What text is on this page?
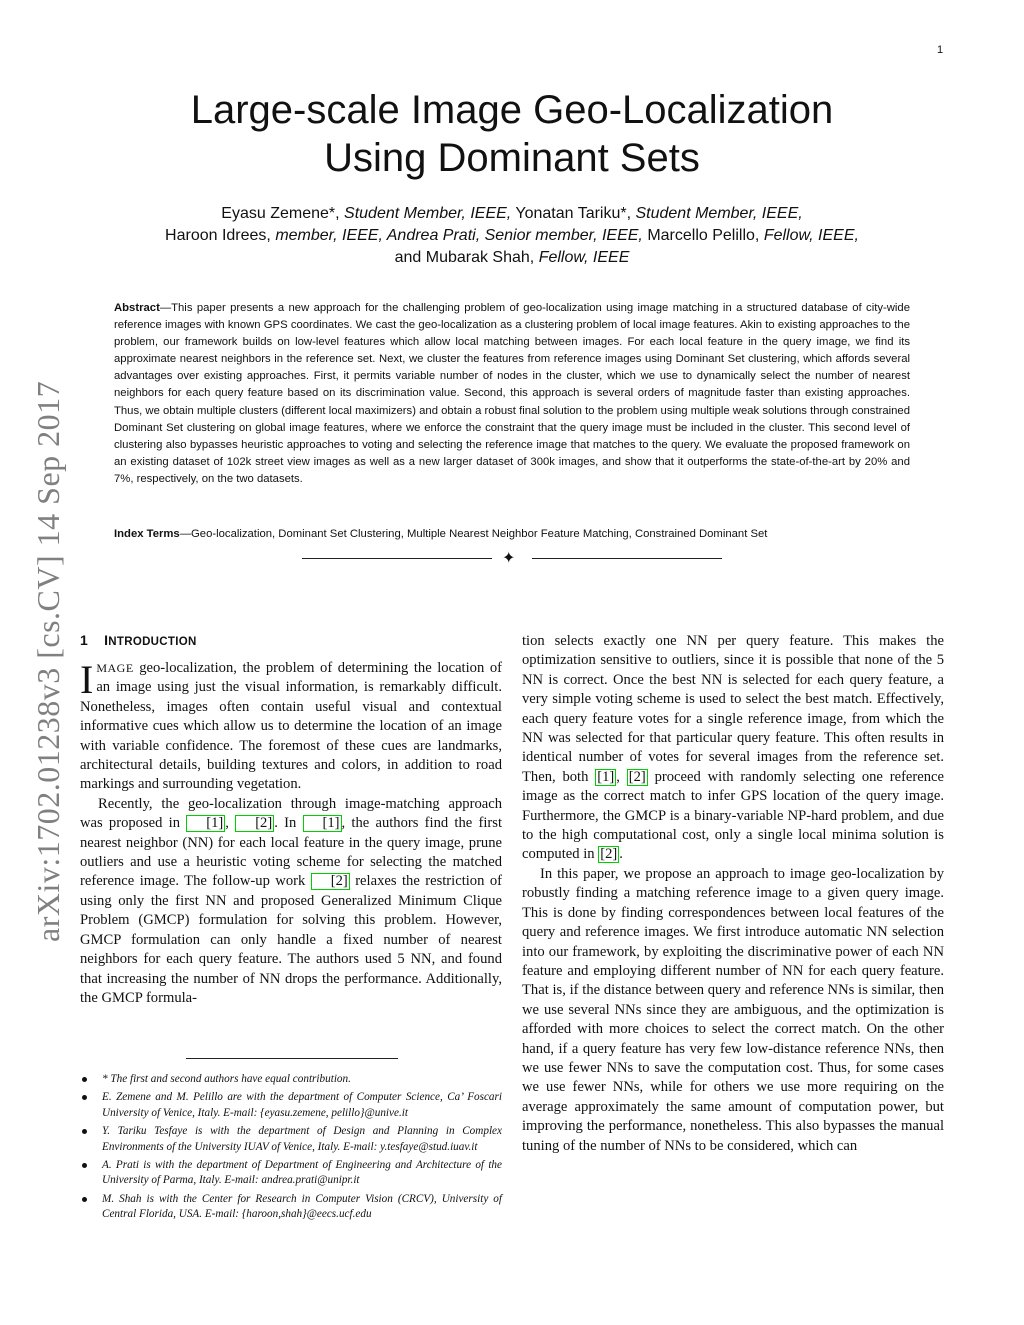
1
arXiv:1702.01238v3 [cs.CV] 14 Sep 2017
Large-scale Image Geo-Localization
Using Dominant Sets
Eyasu Zemene*, Student Member, IEEE, Yonatan Tariku*, Student Member, IEEE,
Haroon Idrees, member, IEEE, Andrea Prati, Senior member, IEEE, Marcello Pelillo, Fellow, IEEE,
and Mubarak Shah, Fellow, IEEE
Abstract—This paper presents a new approach for the challenging problem of geo-localization using image matching in a structured database of city-wide reference images with known GPS coordinates. We cast the geo-localization as a clustering problem of local image features. Akin to existing approaches to the problem, our framework builds on low-level features which allow local matching between images. For each local feature in the query image, we find its approximate nearest neighbors in the reference set. Next, we cluster the features from reference images using Dominant Set clustering, which affords several advantages over existing approaches. First, it permits variable number of nodes in the cluster, which we use to dynamically select the number of nearest neighbors for each query feature based on its discrimination value. Second, this approach is several orders of magnitude faster than existing approaches. Thus, we obtain multiple clusters (different local maximizers) and obtain a robust final solution to the problem using multiple weak solutions through constrained Dominant Set clustering on global image features, where we enforce the constraint that the query image must be included in the cluster. This second level of clustering also bypasses heuristic approaches to voting and selecting the reference image that matches to the query. We evaluate the proposed framework on an existing dataset of 102k street view images as well as a new larger dataset of 300k images, and show that it outperforms the state-of-the-art by 20% and 7%, respectively, on the two datasets.
Index Terms—Geo-localization, Dominant Set Clustering, Multiple Nearest Neighbor Feature Matching, Constrained Dominant Set
✦
1 INTRODUCTION

IMAGE geo-localization, the problem of determining the location of an image using just the visual information, is remarkably difficult. Nonetheless, images often contain useful visual and contextual informative cues which allow us to determine the location of an image with variable confidence. The foremost of these cues are landmarks, architectural details, building textures and colors, in addition to road markings and surrounding vegetation.

Recently, the geo-localization through image-matching approach was proposed in [1] , [2] . In [1] , the authors find the first nearest neighbor (NN) for each local feature in the query image, prune outliers and use a heuristic voting scheme for selecting the matched reference image. The follow-up work [2] relaxes the restriction of using only the first NN and proposed Generalized Minimum Clique Problem (GMCP) formulation for solving this problem. However, GMCP formulation can only handle a fixed number of nearest neighbors for each query feature. The authors used 5 NN, and found that increasing the number of NN drops the performance. Additionally, the GMCP formula-

* The first and second authors have equal contribution.
E. Zemene and M. Pelillo are with the department of Computer Science, Ca’ Foscari University of Venice, Italy. E-mail: {eyasu.zemene, pelillo}@unive.it
Y. Tariku Tesfaye is with the department of Design and Planning in Complex Environments of the University IUAV of Venice, Italy. E-mail: y.tesfaye@stud.iuav.it
A. Prati is with the department of Department of Engineering and Architecture of the University of Parma, Italy. E-mail: andrea.prati@unipr.it
M. Shah is with the Center for Research in Computer Vision (CRCV), University of Central Florida, USA. E-mail: {haroon,shah}@eecs.ucf.edu

tion selects exactly one NN per query feature. This makes the optimization sensitive to outliers, since it is possible that none of the 5 NN is correct. Once the best NN is selected for each query feature, a very simple voting scheme is used to select the best match. Effectively, each query feature votes for a single reference image, from which the NN was selected for that particular query feature. This often results in identical number of votes for several images from the reference set. Then, both [1] , [2] proceed with randomly selecting one reference image as the correct match to infer GPS location of the query image. Furthermore, the GMCP is a binary-variable NP-hard problem, and due to the high computational cost, only a single local minima solution is computed in [2] .

In this paper, we propose an approach to image geo-localization by robustly finding a matching reference image to a given query image. This is done by finding correspondences between local features of the query and reference images. We first introduce automatic NN selection into our framework, by exploiting the discriminative power of each NN feature and employing different number of NN for each query feature. That is, if the distance between query and reference NNs is similar, then we use several NNs since they are ambiguous, and the optimization is afforded with more choices to select the correct match. On the other hand, if a query feature has very few low-distance reference NNs, then we use fewer NNs to save the computation cost. Thus, for some cases we use fewer NNs, while for others we use more requiring on the average approximately the same amount of computation power, but improving the performance, nonetheless. This also bypasses the manual tuning of the number of NNs to be considered, which can
